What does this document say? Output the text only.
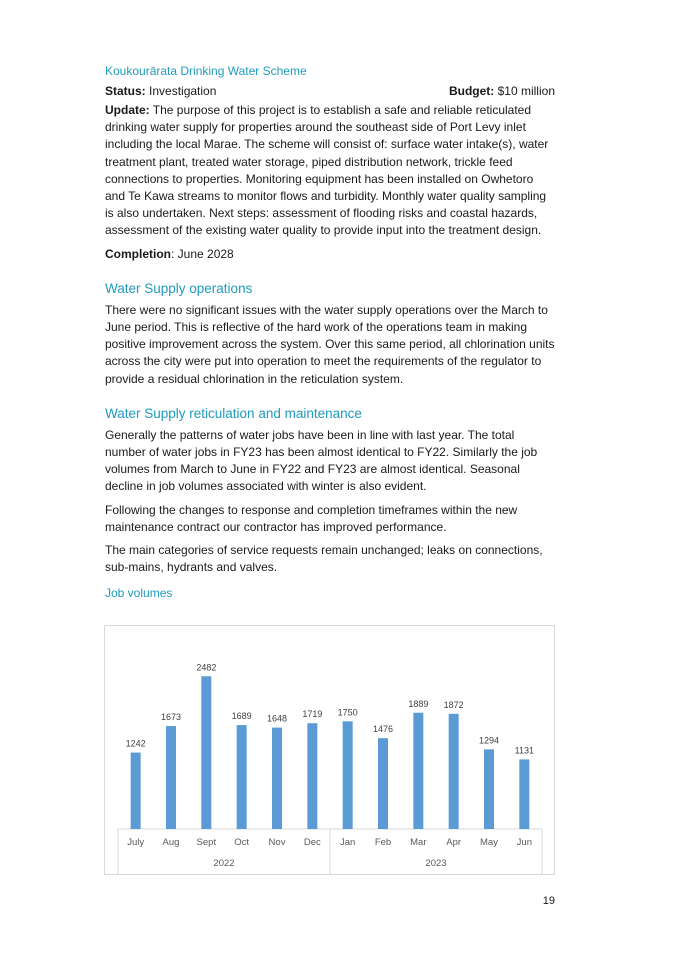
Koukourārata Drinking Water Scheme
Status: Investigation	Budget: $10 million

Update: The purpose of this project is to establish a safe and reliable reticulated drinking water supply for properties around the southeast side of Port Levy inlet including the local Marae. The scheme will consist of: surface water intake(s), water treatment plant, treated water storage, piped distribution network, trickle feed connections to properties. Monitoring equipment has been installed on Owhetoro and Te Kawa streams to monitor flows and turbidity. Monthly water quality sampling is also undertaken. Next steps: assessment of flooding risks and coastal hazards, assessment of the existing water quality to provide input into the treatment design.

Completion: June 2028

Water Supply operations

There were no significant issues with the water supply operations over the March to June period. This is reflective of the hard work of the operations team in making positive improvement across the system. Over this same period, all chlorination units across the city were put into operation to meet the requirements of the regulator to provide a residual chlorination in the reticulation system.

Water Supply reticulation and maintenance

Generally the patterns of water jobs have been in line with last year. The total number of water jobs in FY23 has been almost identical to FY22. Similarly the job volumes from March to June in FY22 and FY23 are almost identical. Seasonal decline in job volumes associated with winter is also evident.

Following the changes to response and completion timeframes within the new maintenance contract our contractor has improved performance.

The main categories of service requests remain unchanged; leaks on connections, sub-mains, hydrants and valves.

Job volumes
1242
July
1673
Aug
2482
Sept
1689
Oct
1648
Nov
1719
Dec
1750
Jan
1476
Feb
1889
Mar
1872
Apr
1294
May
1131
Jun
2022	2023
19
